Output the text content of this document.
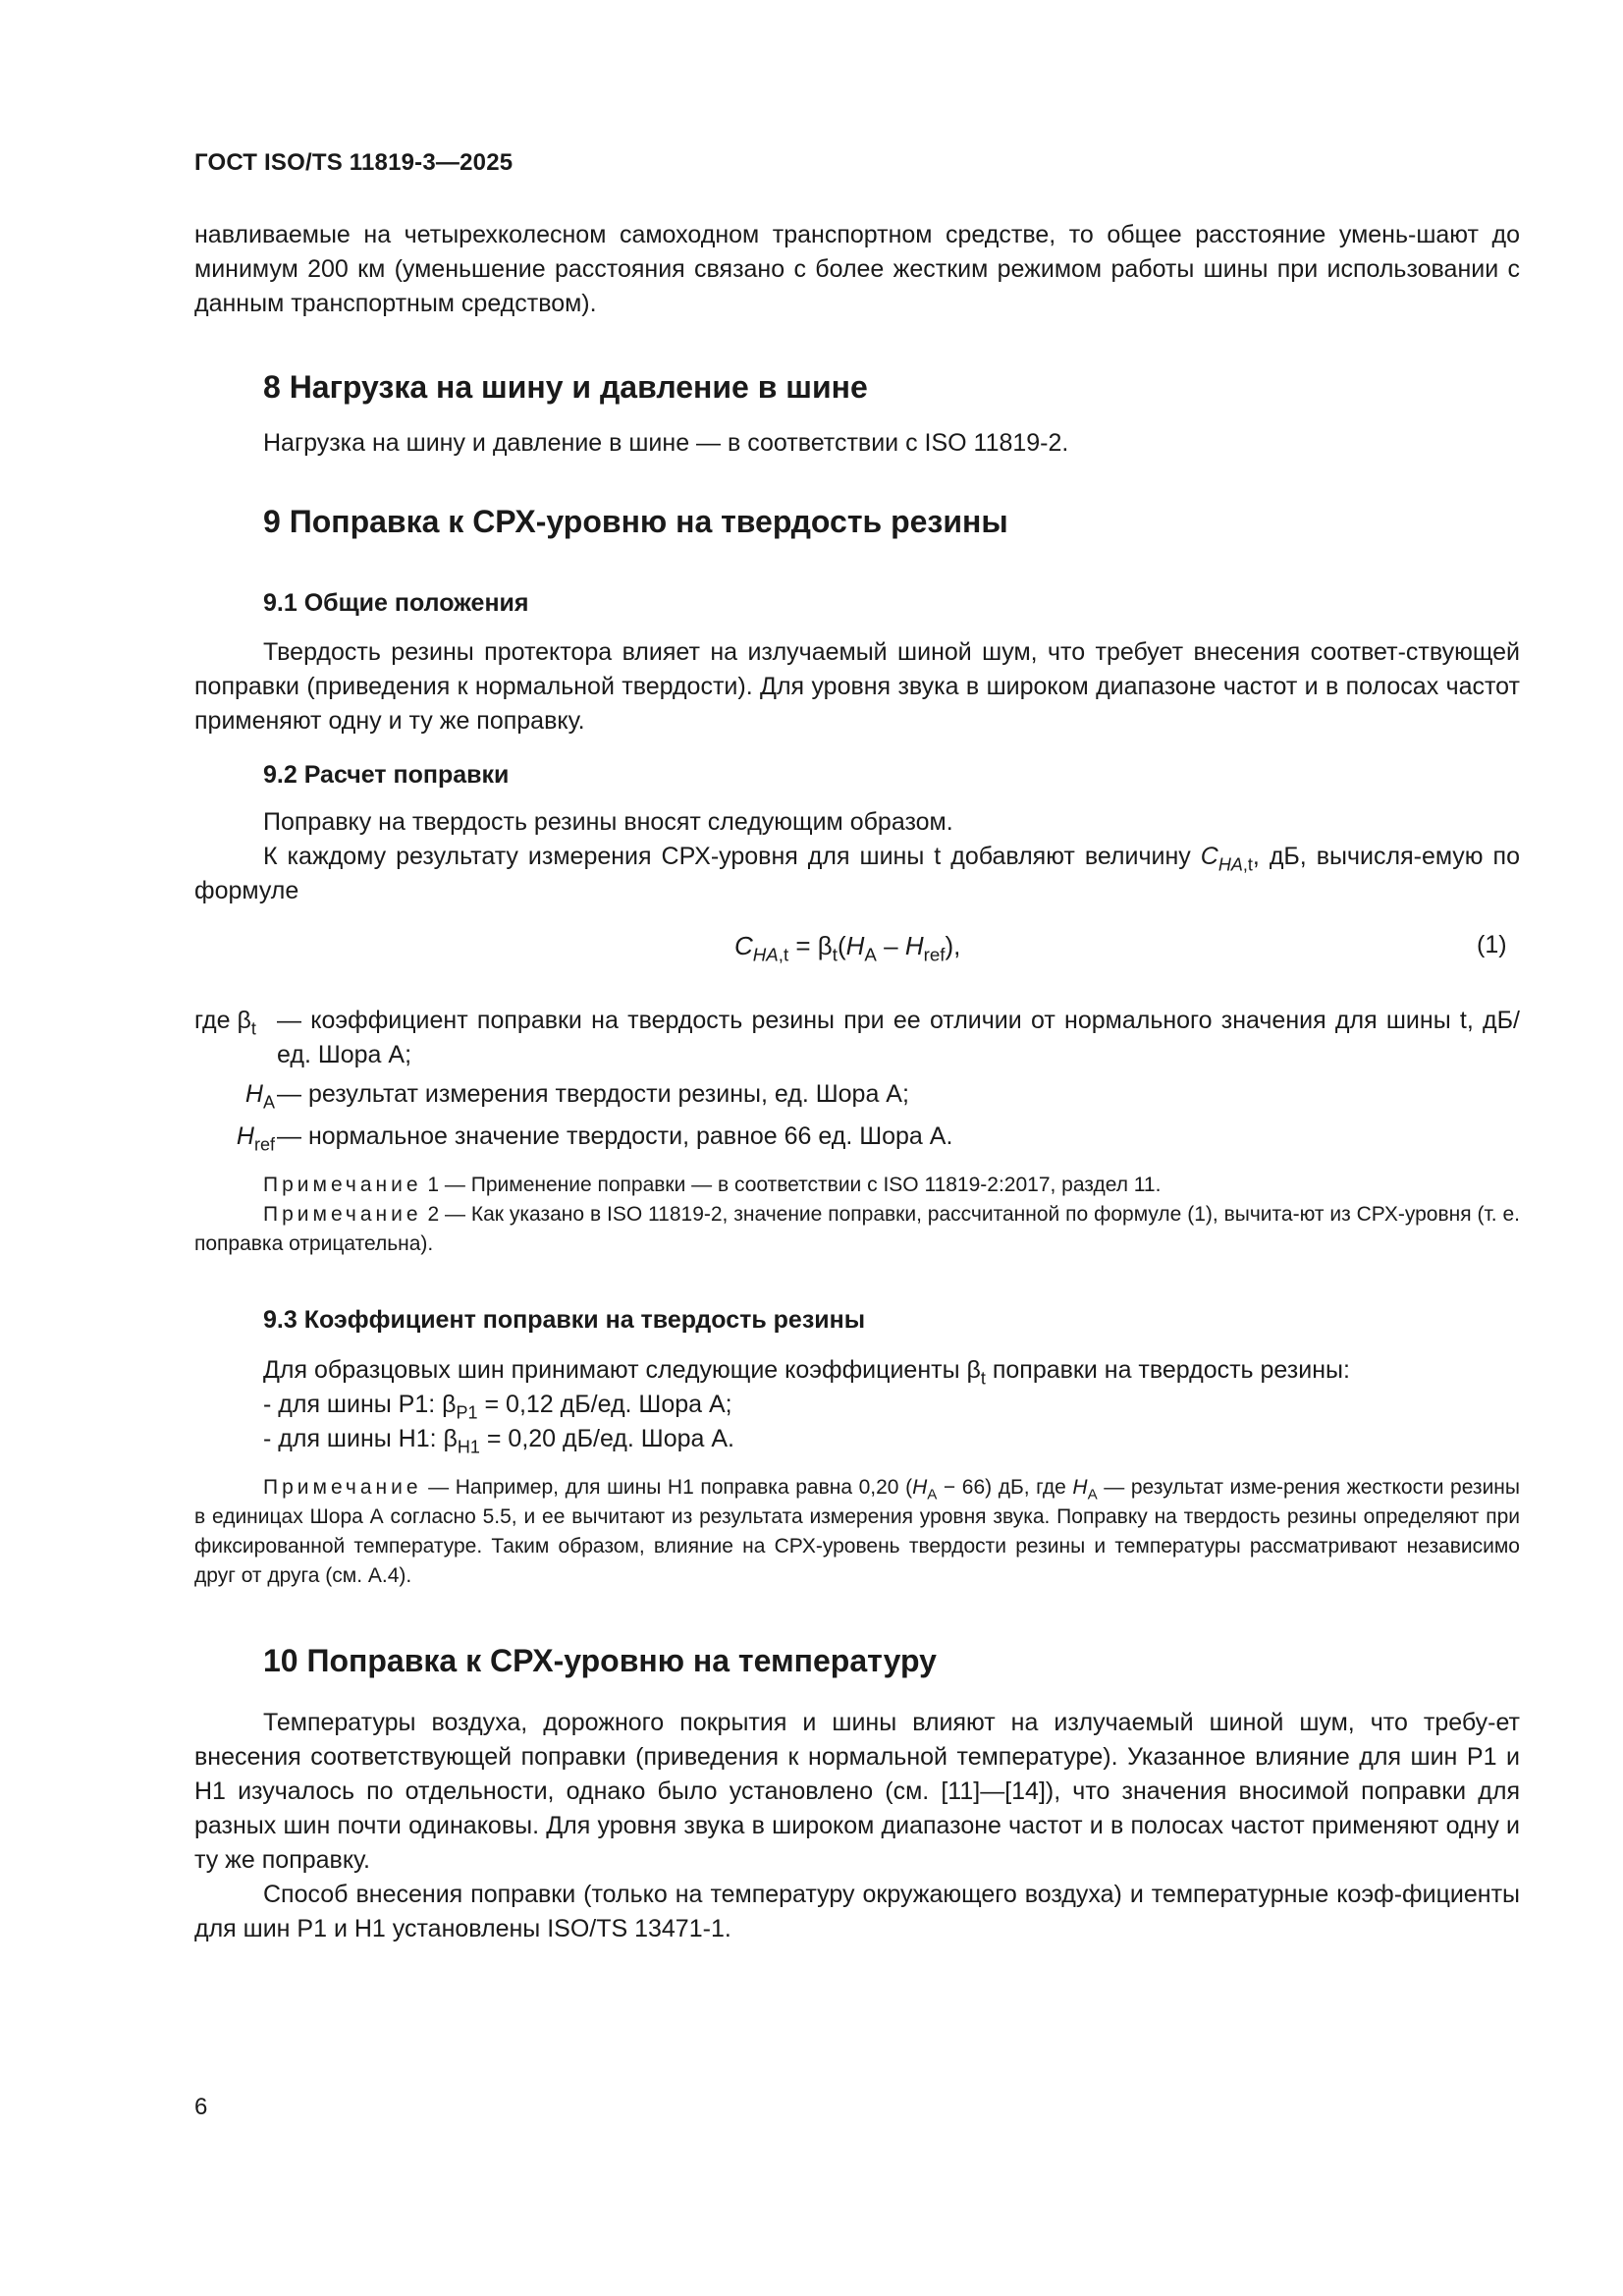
ГОСТ ISO/TS 11819-3—2025
навливаемые на четырехколесном самоходном транспортном средстве, то общее расстояние умень-шают до минимум 200 км (уменьшение расстояния связано с более жестким режимом работы шины при использовании с данным транспортным средством).
8 Нагрузка на шину и давление в шине
Нагрузка на шину и давление в шине — в соответствии с ISO 11819-2.
9 Поправка к СРХ-уровню на твердость резины
9.1 Общие положения
Твердость резины протектора влияет на излучаемый шиной шум, что требует внесения соответ-ствующей поправки (приведения к нормальной твердости). Для уровня звука в широком диапазоне частот и в полосах частот применяют одну и ту же поправку.
9.2 Расчет поправки
Поправку на твердость резины вносят следующим образом.
К каждому результату измерения СРХ-уровня для шины t добавляют величину $C_{HA,t}$, дБ, вычисля-емую по формуле
$C_{HA,t} = \beta_t(H_A - H_{ref})$,	(1)
где $\beta_t$ — коэффициент поправки на твердость резины при ее отличии от нормального значения для шины t, дБ/ед. Шора А;
$H_A$ — результат измерения твердости резины, ед. Шора А;
$H_{ref}$ — нормальное значение твердости, равное 66 ед. Шора А.
Примечание 1 — Применение поправки — в соответствии с ISO 11819-2:2017, раздел 11.
Примечание 2 — Как указано в ISO 11819-2, значение поправки, рассчитанной по формуле (1), вычита-ют из СРХ-уровня (т. е. поправка отрицательна).
9.3 Коэффициент поправки на твердость резины
Для образцовых шин принимают следующие коэффициенты $\beta_t$ поправки на твердость резины:
- для шины P1: $\beta_{P1} = 0,12$ дБ/ед. Шора А;
- для шины H1: $\beta_{H1} = 0,20$ дБ/ед. Шора А.
Примечание — Например, для шины H1 поправка равна 0,20 $(H_A - 66)$ дБ, где $H_A$ — результат изме-рения жесткости резины в единицах Шора А согласно 5.5, и ее вычитают из результата измерения уровня звука. Поправку на твердость резины определяют при фиксированной температуре. Таким образом, влияние на СРХ-уровень твердости резины и температуры рассматривают независимо друг от друга (см. А.4).
10 Поправка к СРХ-уровню на температуру
Температуры воздуха, дорожного покрытия и шины влияют на излучаемый шиной шум, что требу-ет внесения соответствующей поправки (приведения к нормальной температуре). Указанное влияние для шин P1 и H1 изучалось по отдельности, однако было установлено (см. [11]—[14]), что значения вносимой поправки для разных шин почти одинаковы. Для уровня звука в широком диапазоне частот и в полосах частот применяют одну и ту же поправку.
Способ внесения поправки (только на температуру окружающего воздуха) и температурные коэф-фициенты для шин P1 и H1 установлены ISO/TS 13471-1.
6
